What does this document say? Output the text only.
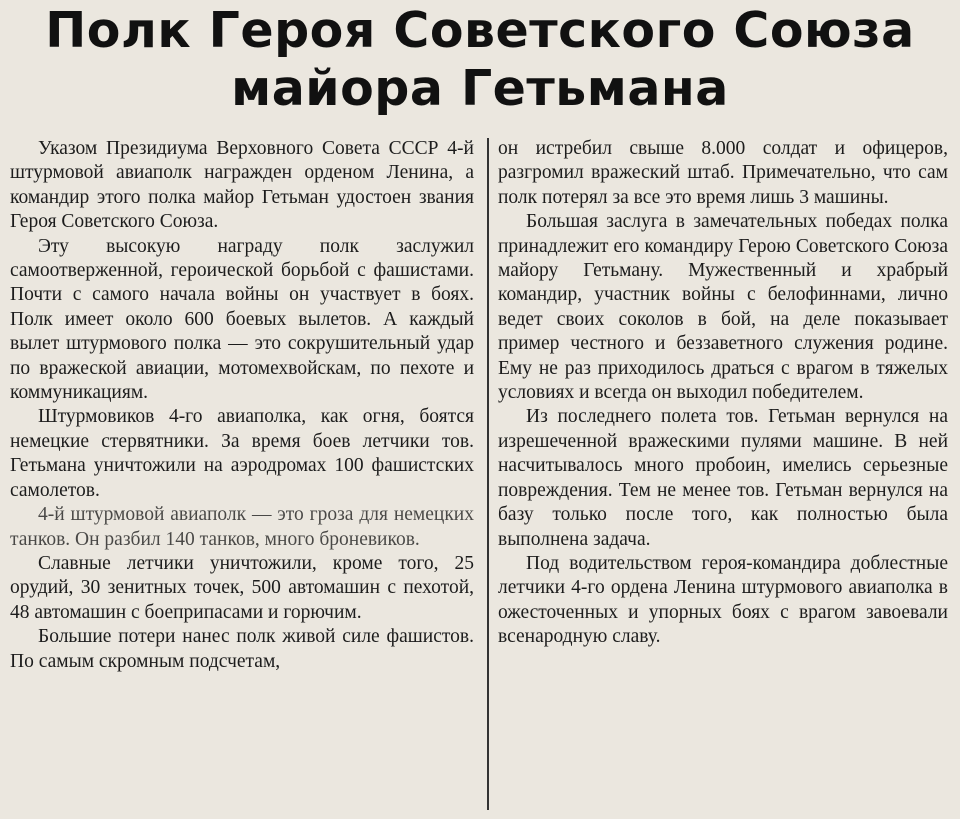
Полк Героя Советского Союза
майора Гетьмана

Указом Президиума Верховного Совета СССР 4-й штурмовой авиаполк награжден орденом Ленина, а командир этого полка майор Гетьман удостоен звания Героя Советского Союза.

Эту высокую награду полк заслужил самоотверженной, героической борьбой с фашистами. Почти с самого начала войны он участвует в боях. Полк имеет около 600 боевых вылетов. А каждый вылет штурмового полка — это сокрушительный удар по вражеской авиации, мотомехвойскам, по пехоте и коммуникациям.

Штурмовиков 4-го авиаполка, как огня, боятся немецкие стервятники. За время боев летчики тов. Гетьмана уничтожили на аэродромах 100 фашистских самолетов.

4-й штурмовой авиаполк — это гроза для немецких танков. Он разбил 140 танков, много броневиков.

Славные летчики уничтожили, кроме того, 25 орудий, 30 зенитных точек, 500 автомашин с пехотой, 48 автомашин с боеприпасами и горючим.

Большие потери нанес полк живой силе фашистов. По самым скромным подсчетам,

он истребил свыше 8.000 солдат и офицеров, разгромил вражеский штаб. Примечательно, что сам полк потерял за все это время лишь 3 машины.

Большая заслуга в замечательных победах полка принадлежит его командиру Герою Советского Союза майору Гетьману. Мужественный и храбрый командир, участник войны с белофиннами, лично ведет своих соколов в бой, на деле показывает пример честного и беззаветного служения родине. Ему не раз приходилось драться с врагом в тяжелых условиях и всегда он выходил победителем.

Из последнего полета тов. Гетьман вернулся на изрешеченной вражескими пулями машине. В ней насчитывалось много пробоин, имелись серьезные повреждения. Тем не менее тов. Гетьман вернулся на базу только после того, как полностью была выполнена задача.

Под водительством героя-командира доблестные летчики 4-го ордена Ленина штурмового авиаполка в ожесточенных и упорных боях с врагом завоевали всенародную славу.
